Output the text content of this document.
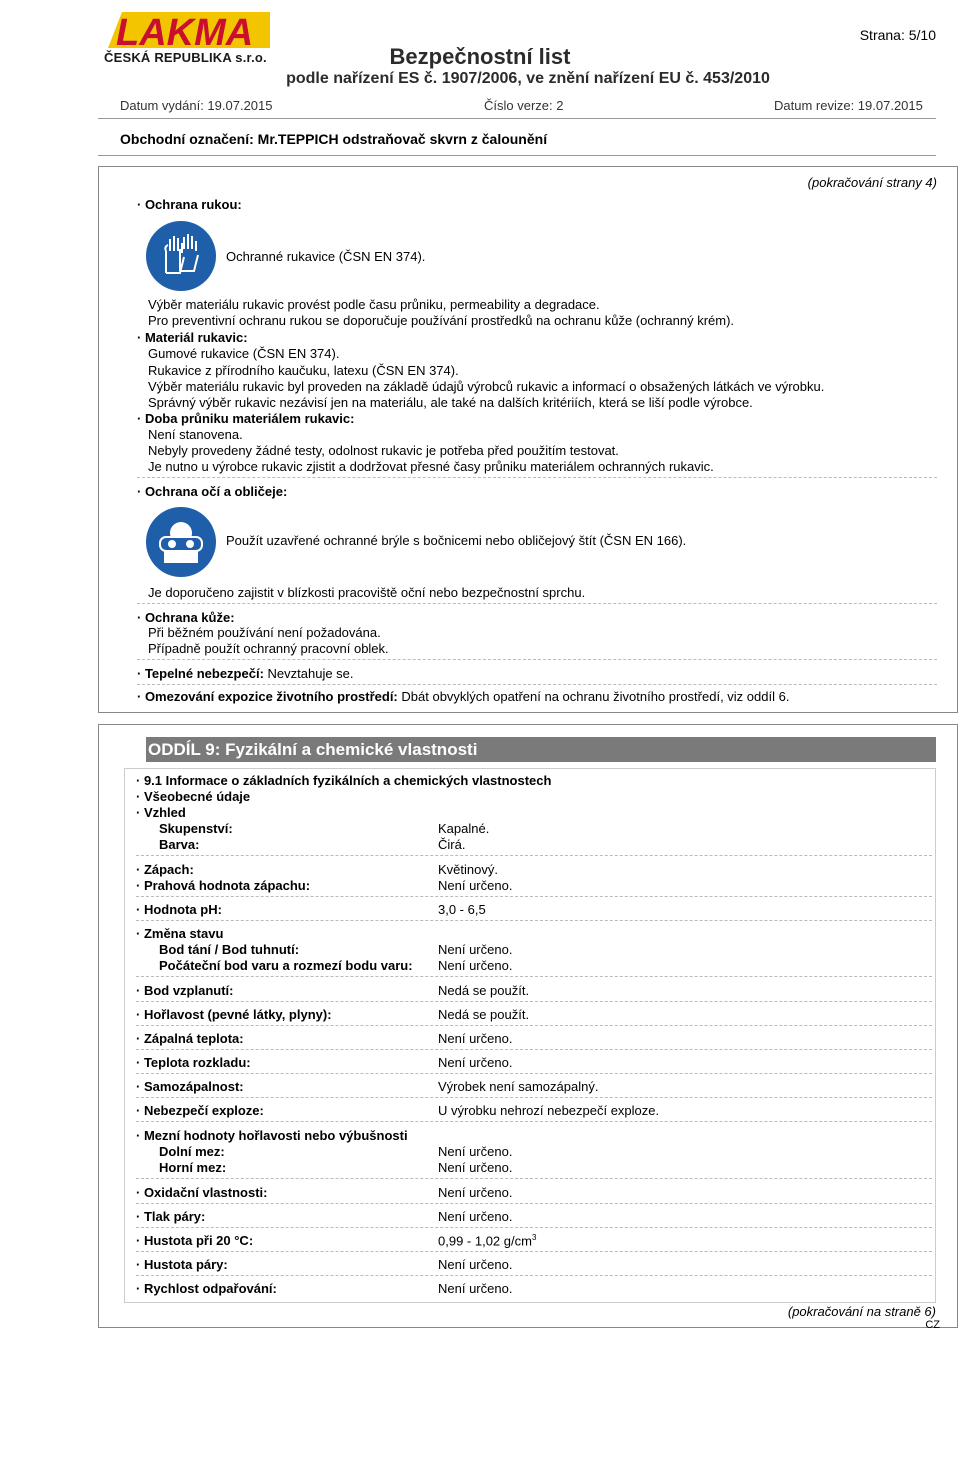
LAKMA
ČESKÁ REPUBLIKA s.r.o.
Strana: 5/10
Bezpečnostní list
podle nařízení ES č. 1907/2006, ve znění nařízení EU č. 453/2010
Datum vydání: 19.07.2015	Číslo verze: 2	Datum revize: 19.07.2015
Obchodní označení: Mr.TEPPICH odstraňovač skvrn z čalounění
(pokračování strany 4)
· Ochrana rukou:
Ochranné rukavice (ČSN EN 374).
Výběr materiálu rukavic provést podle času průniku, permeability a degradace.
Pro preventivní ochranu rukou se doporučuje používání prostředků na ochranu kůže (ochranný krém).
· Materiál rukavic:
Gumové rukavice (ČSN EN 374).
Rukavice z přírodního kaučuku, latexu (ČSN EN 374).
Výběr materiálu rukavic byl proveden na základě údajů výrobců rukavic a informací o obsažených látkách ve výrobku.
Správný výběr rukavic nezávisí jen na materiálu, ale také na dalších kritériích, která se liší podle výrobce.
· Doba průniku materiálem rukavic:
Není stanovena.
Nebyly provedeny žádné testy, odolnost rukavic je potřeba před použitím testovat.
Je nutno u výrobce rukavic zjistit a dodržovat přesné časy průniku materiálem ochranných rukavic.
· Ochrana očí a obličeje:
Použít uzavřené ochranné brýle s bočnicemi nebo obličejový štít (ČSN EN 166).
Je doporučeno zajistit v blízkosti pracoviště oční nebo bezpečnostní sprchu.
· Ochrana kůže:
Při běžném používání není požadována.
Případně použít ochranný pracovní oblek.
· Tepelné nebezpečí: Nevztahuje se.
· Omezování expozice životního prostředí: Dbát obvyklých opatření na ochranu životního prostředí, viz oddíl 6.
ODDÍL 9: Fyzikální a chemické vlastnosti
· 9.1 Informace o základních fyzikálních a chemických vlastnostech
· Všeobecné údaje
· Vzhled
Skupenství:	Kapalné.
Barva:	Čirá.
· Zápach:	Květinový.
· Prahová hodnota zápachu:	Není určeno.
· Hodnota pH:	3,0 - 6,5
· Změna stavu
Bod tání / Bod tuhnutí:	Není určeno.
Počáteční bod varu a rozmezí bodu varu: Není určeno.
· Bod vzplanutí:	Nedá se použít.
· Hořlavost (pevné látky, plyny):	Nedá se použít.
· Zápalná teplota:	Není určeno.
· Teplota rozkladu:	Není určeno.
· Samozápalnost:	Výrobek není samozápalný.
· Nebezpečí exploze:	U výrobku nehrozí nebezpečí exploze.
· Mezní hodnoty hořlavosti nebo výbušnosti
Dolní mez:	Není určeno.
Horní mez:	Není určeno.
· Oxidační vlastnosti:	Není určeno.
· Tlak páry:	Není určeno.
· Hustota při 20 °C:	0,99 - 1,02 $g/cm^3$
· Hustota páry:	Není určeno.
· Rychlost odpařování:	Není určeno.
(pokračování na straně 6)
CZ
